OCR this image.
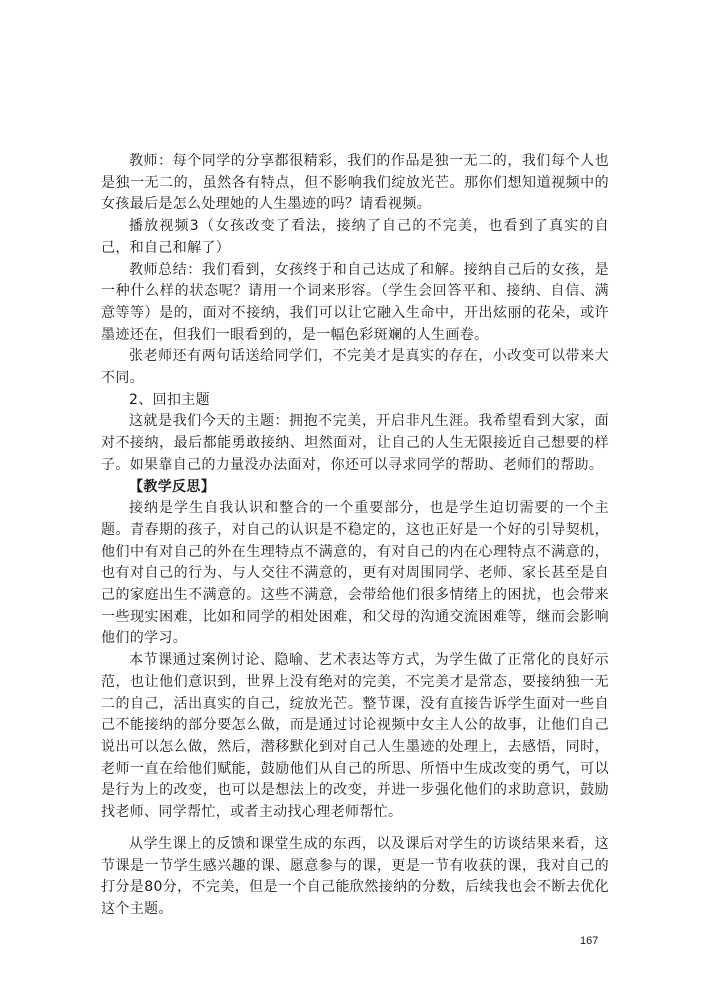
教师：每个同学的分享都很精彩，我们的作品是独一无二的，我们每个人也是独一无二的，虽然各有特点，但不影响我们绽放光芒。那你们想知道视频中的女孩最后是怎么处理她的人生墨迹的吗？请看视频。

播放视频3（女孩改变了看法，接纳了自己的不完美，也看到了真实的自己，和自己和解了）

教师总结：我们看到，女孩终于和自己达成了和解。接纳自己后的女孩，是一种什么样的状态呢？请用一个词来形容。（学生会回答平和、接纳、自信、满意等等）是的，面对不接纳，我们可以让它融入生命中，开出炫丽的花朵，或许墨迹还在，但我们一眼看到的，是一幅色彩斑斓的人生画卷。

张老师还有两句话送给同学们，不完美才是真实的存在，小改变可以带来大不同。

2、回扣主题

这就是我们今天的主题：拥抱不完美，开启非凡生涯。我希望看到大家，面对不接纳，最后都能勇敢接纳、坦然面对，让自己的人生无限接近自己想要的样子。如果靠自己的力量没办法面对，你还可以寻求同学的帮助、老师们的帮助。

【教学反思】

接纳是学生自我认识和整合的一个重要部分，也是学生迫切需要的一个主题。青春期的孩子，对自己的认识是不稳定的，这也正好是一个好的引导契机，他们中有对自己的外在生理特点不满意的，有对自己的内在心理特点不满意的，也有对自己的行为、与人交往不满意的，更有对周围同学、老师、家长甚至是自己的家庭出生不满意的。这些不满意，会带给他们很多情绪上的困扰，也会带来一些现实困难，比如和同学的相处困难，和父母的沟通交流困难等，继而会影响他们的学习。

本节课通过案例讨论、隐喻、艺术表达等方式，为学生做了正常化的良好示范，也让他们意识到，世界上没有绝对的完美，不完美才是常态，要接纳独一无二的自己，活出真实的自己，绽放光芒。整节课，没有直接告诉学生面对一些自己不能接纳的部分要怎么做，而是通过讨论视频中女主人公的故事，让他们自己说出可以怎么做，然后，潜移默化到对自己人生墨迹的处理上，去感悟，同时，老师一直在给他们赋能，鼓励他们从自己的所思、所悟中生成改变的勇气，可以是行为上的改变，也可以是想法上的改变，并进一步强化他们的求助意识，鼓励找老师、同学帮忙，或者主动找心理老师帮忙。

从学生课上的反馈和课堂生成的东西，以及课后对学生的访谈结果来看，这节课是一节学生感兴趣的课、愿意参与的课，更是一节有收获的课，我对自己的打分是80分，不完美，但是一个自己能欣然接纳的分数，后续我也会不断去优化这个主题。

167
